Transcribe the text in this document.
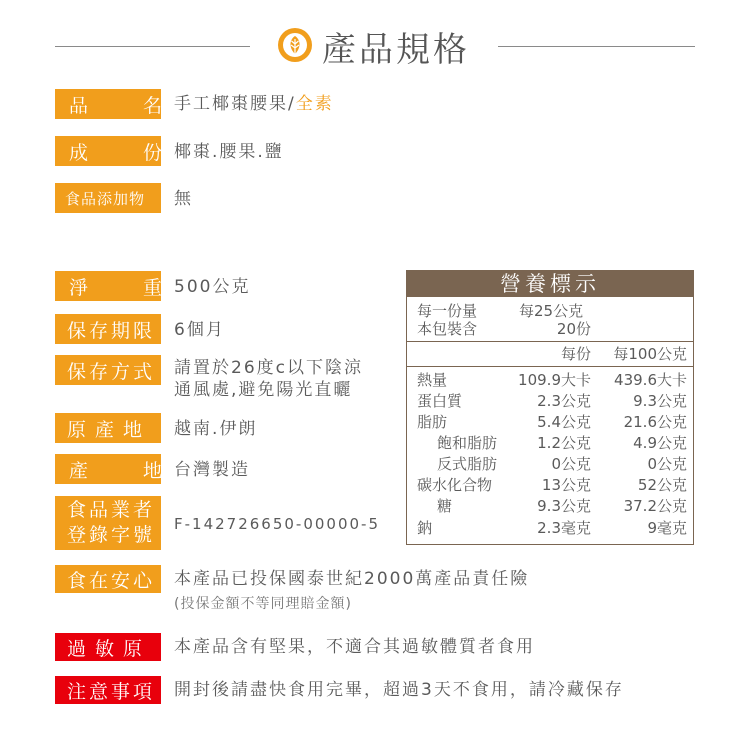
產品規格
品　名
手工椰棗腰果/全素
成　份
椰棗.腰果.鹽
食品添加物 無
淨　重
500公克
保存期限 6個月
保存方式 請置於26度c以下陰涼
通風處,避免陽光直曬
原產地 越南.伊朗
產　地
台灣製造
食品業者
登錄字號 F-142726650-00000-5
食在安心 本產品已投保國泰世紀2000萬產品責任險
(投保金額不等同理賠金額)
過敏原 本產品含有堅果，不適合其過敏體質者食用
注意事項 開封後請盡快食用完畢，超過3天不食用，請冷藏保存
營養標示
每一份量	每25公克
本包裝含	20份
每份	每100公克
熱量	109.9大卡	439.6大卡
蛋白質	2.3公克	9.3公克
脂肪	5.4公克	21.6公克
飽和脂肪	1.2公克	4.9公克
反式脂肪	0公克	0公克
碳水化合物	13公克	52公克
糖	9.3公克	37.2公克
鈉	2.3毫克	9毫克
